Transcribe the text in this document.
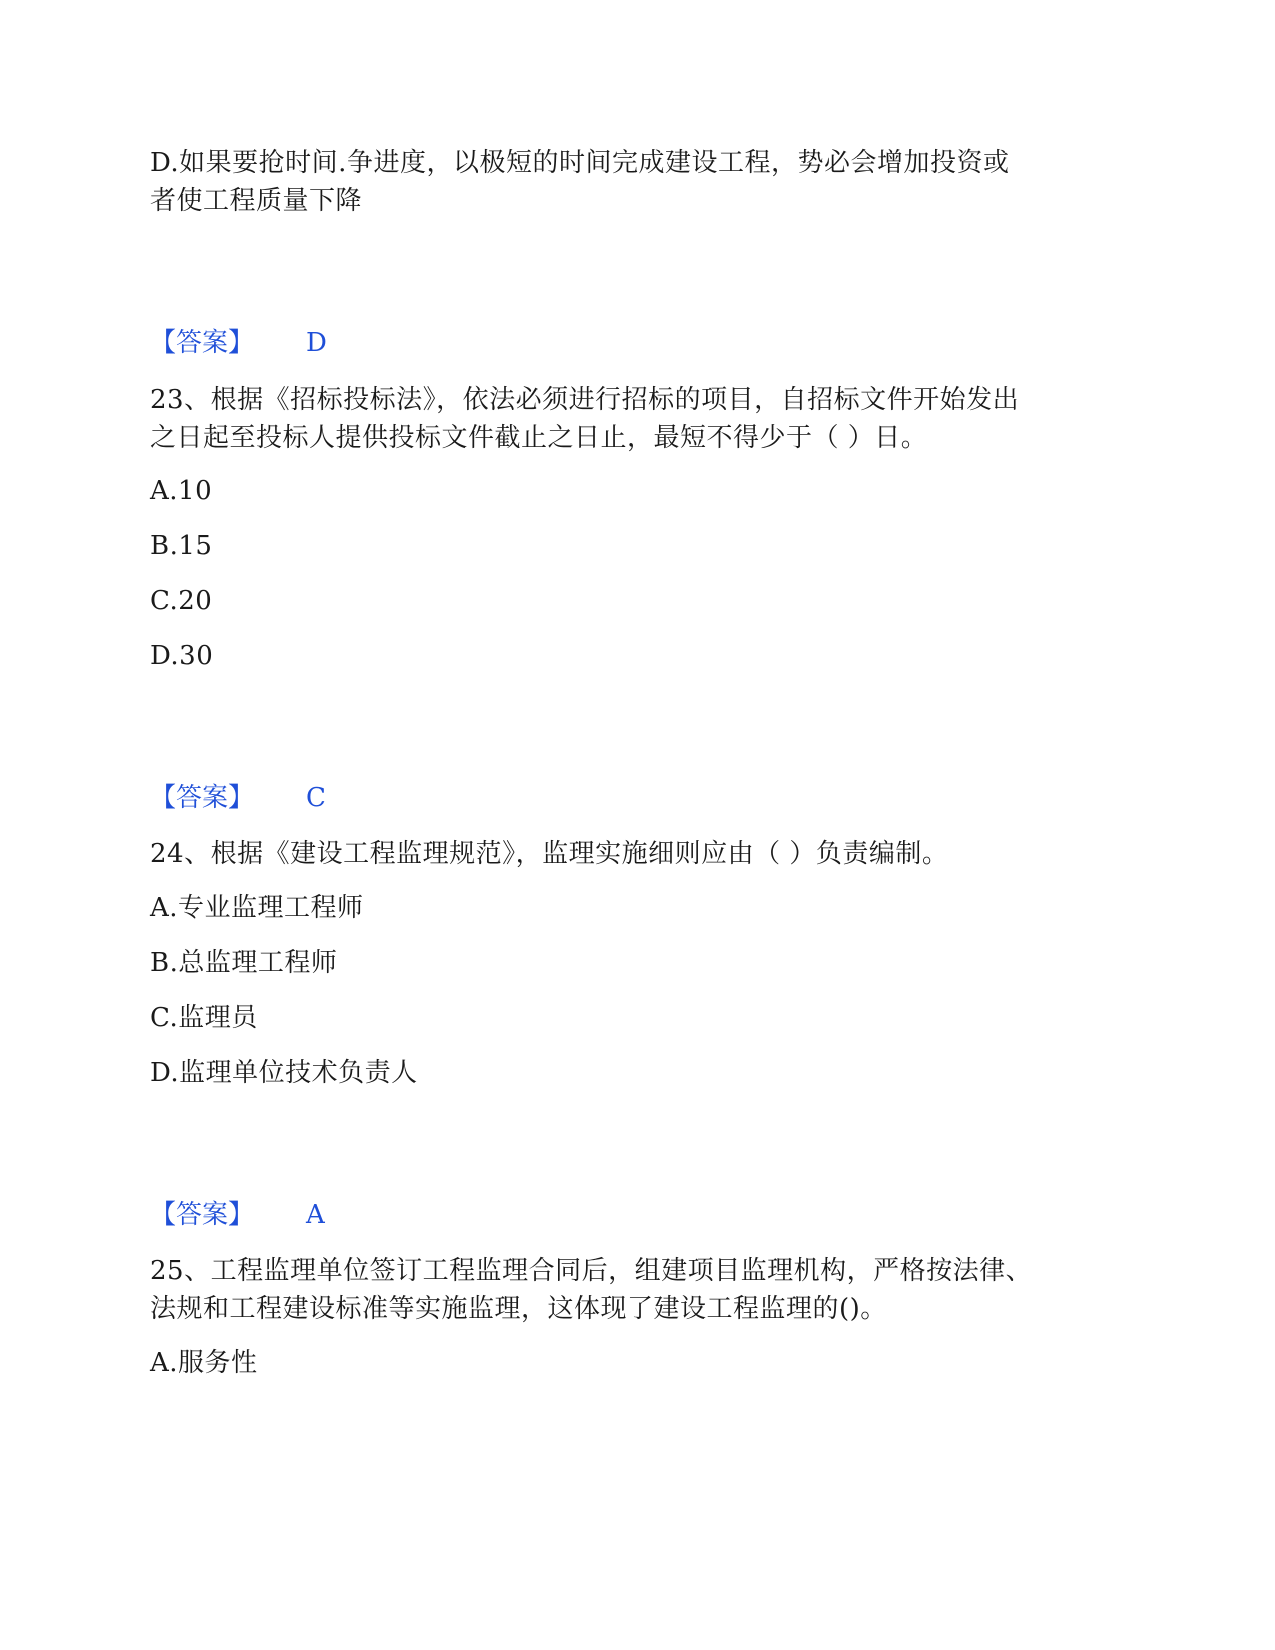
D.如果要抢时间.争进度，以极短的时间完成建设工程，势必会增加投资或
者使工程质量下降
【答案】 D
23、根据《招标投标法》，依法必须进行招标的项目，自招标文件开始发出
之日起至投标人提供投标文件截止之日止，最短不得少于（ ）日。
A.10
B.15
C.20
D.30
【答案】 C
24、根据《建设工程监理规范》，监理实施细则应由（ ）负责编制。
A.专业监理工程师
B.总监理工程师
C.监理员
D.监理单位技术负责人
【答案】 A
25、工程监理单位签订工程监理合同后，组建项目监理机构，严格按法律、
法规和工程建设标准等实施监理，这体现了建设工程监理的()。
A.服务性
